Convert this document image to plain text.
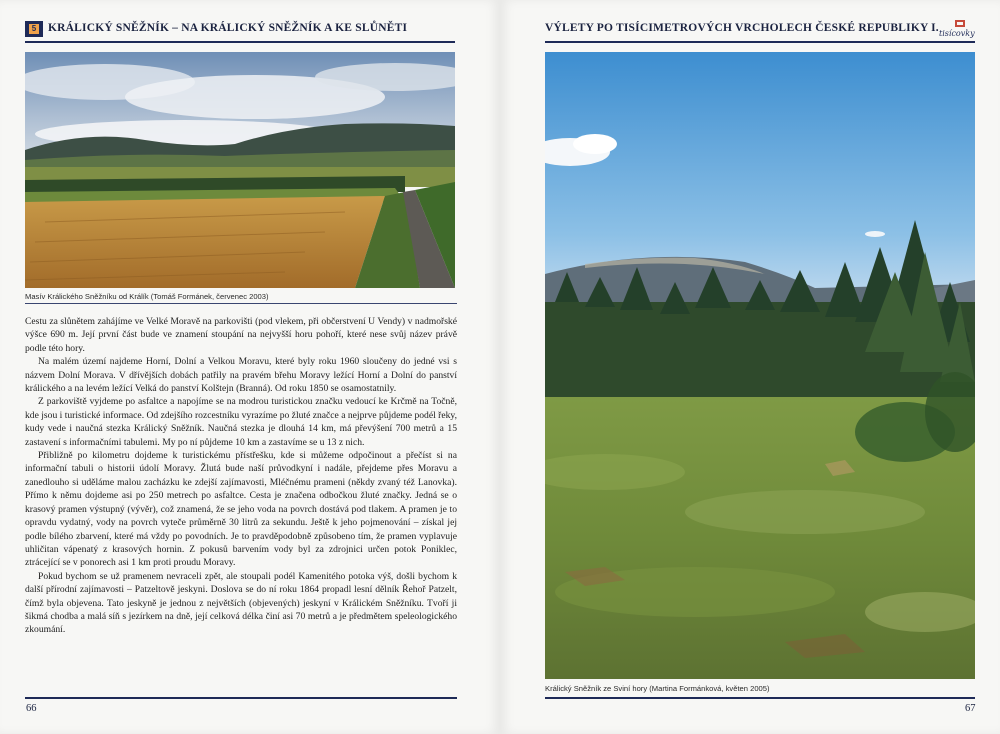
5 KRÁLICKÝ SNĚŽNÍK – NA KRÁLICKÝ SNĚŽNÍK A KE SLŮNĚTI
Masív Králického Sněžníku od Králík (Tomáš Formánek, červenec 2003)

Cestu za slůnětem zahájíme ve Velké Moravě na parkovišti (pod vlekem, při občerstvení U Vendy) v nadmořské výšce 690 m. Její první část bude ve znamení stoupání na nejvyšší horu pohoří, které nese svůj název právě podle této hory.

Na malém území najdeme Horní, Dolní a Velkou Moravu, které byly roku 1960 sloučeny do jedné vsi s názvem Dolní Morava. V dřívějších dobách patřily na pravém břehu Moravy ležící Horní a Dolní do panství králického a na levém ležící Velká do panství Kolštejn (Branná). Od roku 1850 se osamostatnily.

Z parkoviště vyjdeme po asfaltce a napojíme se na modrou turistickou značku vedoucí ke Krčmě na Točně, kde jsou i turistické informace. Od zdejšího rozcestníku vyrazíme po žluté značce a nejprve půjdeme podél řeky, kudy vede i naučná stezka Králický Sněžník. Naučná stezka je dlouhá 14 km, má převýšení 700 metrů a 15 zastavení s informačními tabulemi. My po ní půjdeme 10 km a zastavíme se u 13 z nich.

Přibližně po kilometru dojdeme k turistickému přístřešku, kde si můžeme odpočinout a přečíst si na informační tabuli o historii údolí Moravy. Žlutá bude naší průvodkyní i nadále, přejdeme přes Moravu a zanedlouho si uděláme malou zacházku ke zdejší zajímavosti, Mléčnému prameni (někdy zvaný též Lanovka). Přímo k němu dojdeme asi po 250 metrech po asfaltce. Cesta je značena odbočkou žluté značky. Jedná se o krasový pramen výstupný (vývěr), což znamená, že se jeho voda na povrch dostává pod tlakem. A pramen je to opravdu vydatný, vody na povrch vyteče průměrně 30 litrů za sekundu. Ještě k jeho pojmenování – získal jej podle bílého zbarvení, které má vždy po povodních. Je to pravděpodobně způsobeno tím, že pramen vyplavuje uhličitan vápenatý z krasových hornin. Z pokusů barvením vody byl za zdrojnici určen potok Poniklec, ztrácející se v ponorech asi 1 km proti proudu Moravy.

Pokud bychom se už pramenem nevraceli zpět, ale stoupali podél Kamenitého potoka výš, došli bychom k další přírodní zajímavosti – Patzeltově jeskyni. Doslova se do ní roku 1864 propadl lesní dělník Řehoř Patzelt, čímž byla objevena. Tato jeskyně je jednou z největších (objevených) jeskyní v Králickém Sněžníku. Tvoří ji šikmá chodba a malá síň s jezírkem na dně, její celková délka činí asi 70 metrů a je předmětem speleologického zkoumání.

66
VÝLETY PO TISÍCIMETROVÝCH VRCHOLECH ČESKÉ REPUBLIKY I. tisícovky
Králický Sněžník ze Sviní hory (Martina Formánková, květen 2005)
67
